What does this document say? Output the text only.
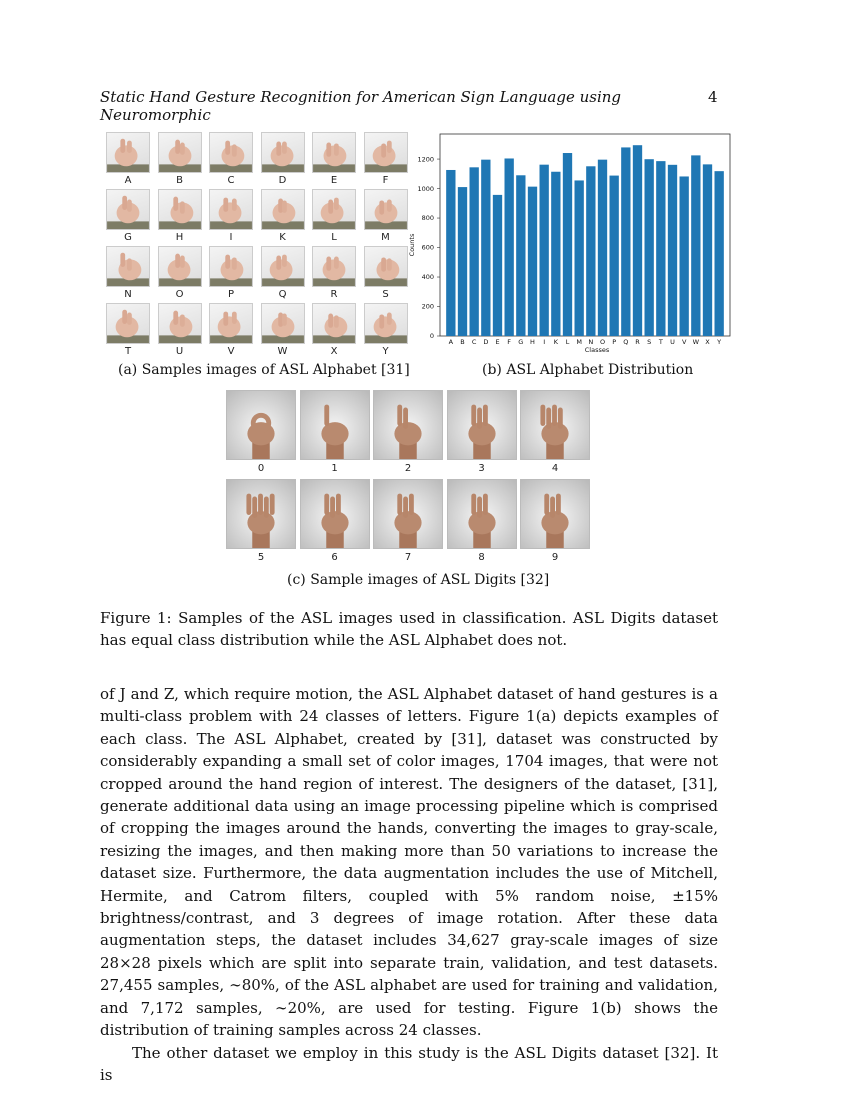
Static Hand Gesture Recognition for American Sign Language using Neuromorphic
4
A	B	C	D	E	F
G	H	I	K	L	M
N	O	P	Q	R	S
T	U	V	W	X	Y
A B C D E F G H I K L M N O P Q R S T U V W X Y
0
200
400
600
800
1000
1200
Classes
Counts
(a) Samples images of ASL Alphabet [31]	(b) ASL Alphabet Distribution
0	1	2	3	4
5	6	7	8	9
(c) Sample images of ASL Digits [32]
Figure 1: Samples of the ASL images used in classification. ASL Digits dataset has equal class distribution while the ASL Alphabet does not.

of J and Z, which require motion, the ASL Alphabet dataset of hand gestures is a multi-class problem with 24 classes of letters. Figure 1(a) depicts examples of each class. The ASL Alphabet, created by [31], dataset was constructed by considerably expanding a small set of color images, 1704 images, that were not cropped around the hand region of interest. The designers of the dataset, [31], generate additional data using an image processing pipeline which is comprised of cropping the images around the hands, converting the images to gray-scale, resizing the images, and then making more than 50 variations to increase the dataset size. Furthermore, the data augmentation includes the use of Mitchell, Hermite, and Catrom filters, coupled with 5% random noise, ±15% brightness/contrast, and 3 degrees of image rotation. After these data augmentation steps, the dataset includes 34,627 gray-scale images of size 28×28 pixels which are split into separate train, validation, and test datasets. 27,455 samples, ∼80%, of the ASL alphabet are used for training and validation, and 7,172 samples, ∼20%, are used for testing. Figure 1(b) shows the distribution of training samples across 24 classes.

The other dataset we employ in this study is the ASL Digits dataset [32]. It is
